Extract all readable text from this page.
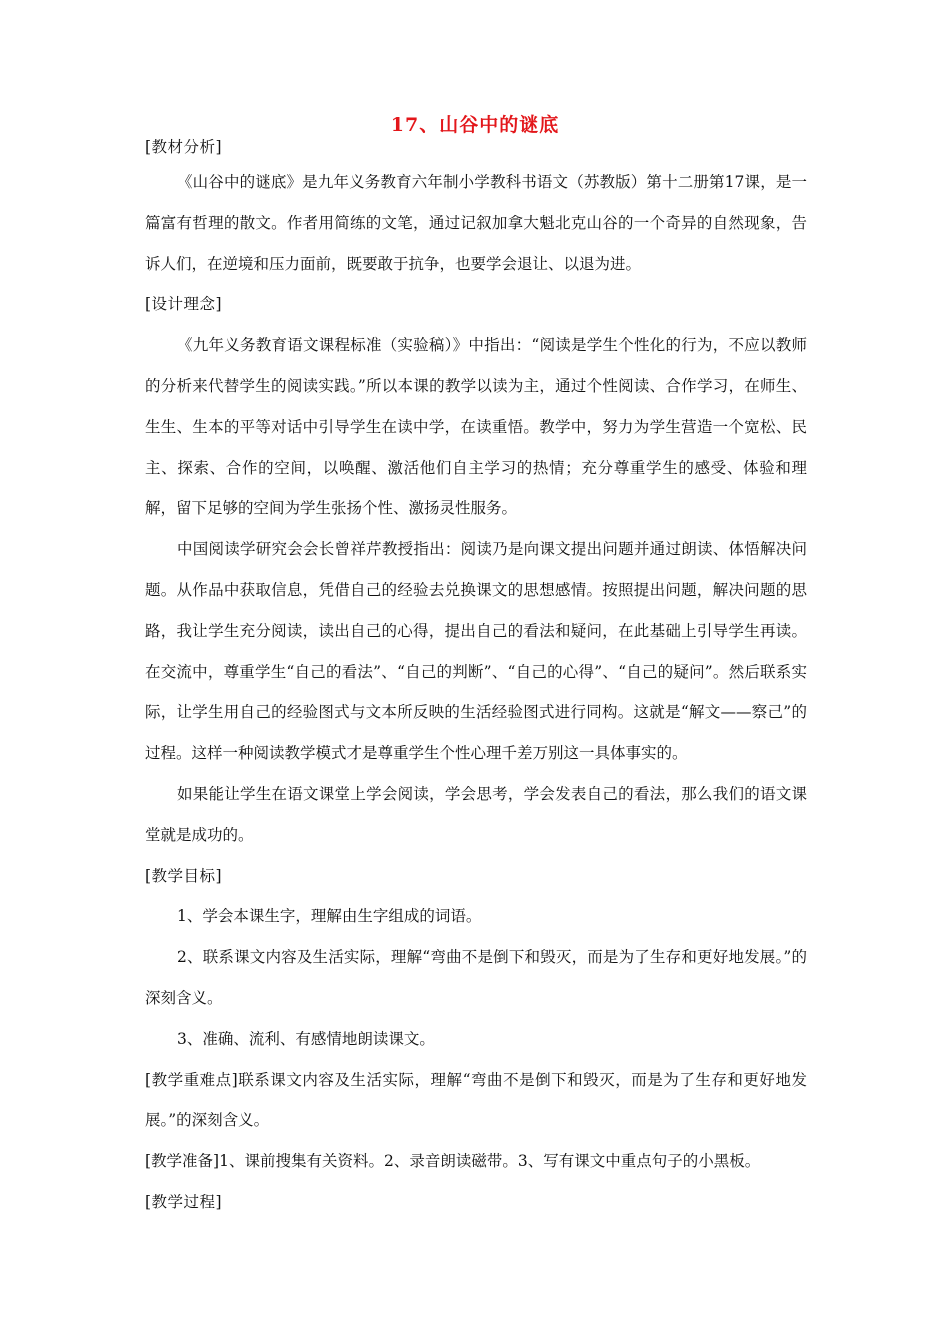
17、山谷中的谜底

[教材分析]

《山谷中的谜底》是九年义务教育六年制小学教科书语文（苏教版）第十二册第17课，是一篇富有哲理的散文。作者用简练的文笔，通过记叙加拿大魁北克山谷的一个奇异的自然现象，告诉人们，在逆境和压力面前，既要敢于抗争，也要学会退让、以退为进。

[设计理念]

《九年义务教育语文课程标准（实验稿）》中指出：“阅读是学生个性化的行为，不应以教师的分析来代替学生的阅读实践。”所以本课的教学以读为主，通过个性阅读、合作学习，在师生、生生、生本的平等对话中引导学生在读中学，在读重悟。教学中，努力为学生营造一个宽松、民主、探索、合作的空间，以唤醒、激活他们自主学习的热情；充分尊重学生的感受、体验和理解，留下足够的空间为学生张扬个性、激扬灵性服务。

中国阅读学研究会会长曾祥芹教授指出：阅读乃是向课文提出问题并通过朗读、体悟解决问题。从作品中获取信息，凭借自己的经验去兑换课文的思想感情。按照提出问题，解决问题的思路，我让学生充分阅读，读出自己的心得，提出自己的看法和疑问，在此基础上引导学生再读。在交流中，尊重学生“自己的看法”、“自己的判断”、“自己的心得”、“自己的疑问”。然后联系实际，让学生用自己的经验图式与文本所反映的生活经验图式进行同构。这就是“解文——察己”的过程。这样一种阅读教学模式才是尊重学生个性心理千差万别这一具体事实的。

如果能让学生在语文课堂上学会阅读，学会思考，学会发表自己的看法，那么我们的语文课堂就是成功的。

[教学目标]

1、学会本课生字，理解由生字组成的词语。

2、联系课文内容及生活实际，理解“弯曲不是倒下和毁灭，而是为了生存和更好地发展。”的深刻含义。

3、准确、流利、有感情地朗读课文。

[教学重难点]联系课文内容及生活实际，理解“弯曲不是倒下和毁灭，而是为了生存和更好地发展。”的深刻含义。

[教学准备]1、课前搜集有关资料。2、录音朗读磁带。3、写有课文中重点句子的小黑板。

[教学过程]
